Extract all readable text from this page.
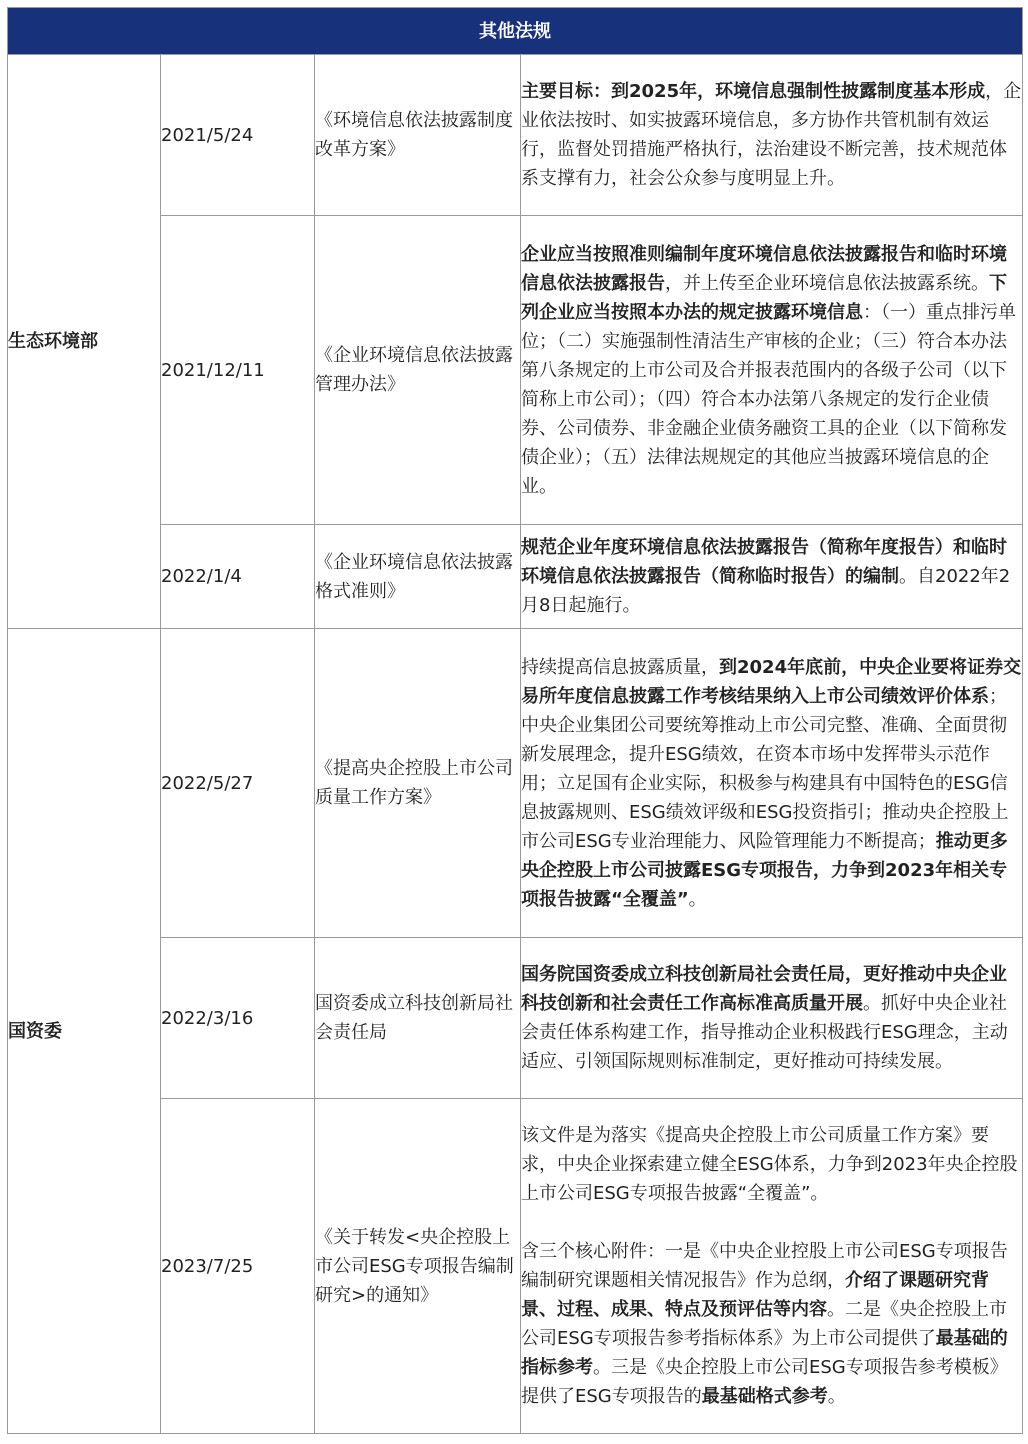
其他法规			
生态环境部	2021/5/24	《环境信息依法披露制度改革方案》	主要目标：到2025年，环境信息强制性披露制度基本形成，企业依法按时、如实披露环境信息，多方协作共管机制有效运行，监督处罚措施严格执行，法治建设不断完善，技术规范体系支撑有力，社会公众参与度明显上升。
	2021/12/11	《企业环境信息依法披露管理办法》	企业应当按照准则编制年度环境信息依法披露报告和临时环境信息依法披露报告，并上传至企业环境信息依法披露系统。下列企业应当按照本办法的规定披露环境信息：（一）重点排污单位；（二）实施强制性清洁生产审核的企业；（三）符合本办法第八条规定的上市公司及合并报表范围内的各级子公司（以下简称上市公司）；（四）符合本办法第八条规定的发行企业债券、公司债券、非金融企业债务融资工具的企业（以下简称发债企业）；（五）法律法规规定的其他应当披露环境信息的企业。
	2022/1/4	《企业环境信息依法披露格式准则》	规范企业年度环境信息依法披露报告（简称年度报告）和临时环境信息依法披露报告（简称临时报告）的编制。自2022年2月8日起施行。
国资委	2022/5/27	《提高央企控股上市公司质量工作方案》	持续提高信息披露质量，到2024年底前，中央企业要将证券交易所年度信息披露工作考核结果纳入上市公司绩效评价体系；中央企业集团公司要统筹推动上市公司完整、准确、全面贯彻新发展理念，提升ESG绩效，在资本市场中发挥带头示范作用；立足国有企业实际，积极参与构建具有中国特色的ESG信息披露规则、ESG绩效评级和ESG投资指引；推动央企控股上市公司ESG专业治理能力、风险管理能力不断提高；推动更多央企控股上市公司披露ESG专项报告，力争到2023年相关专项报告披露“全覆盖”。
	2022/3/16	国资委成立科技创新局社会责任局	国务院国资委成立科技创新局社会责任局，更好推动中央企业科技创新和社会责任工作高标准高质量开展。抓好中央企业社会责任体系构建工作，指导推动企业积极践行ESG理念，主动适应、引领国际规则标准制定，更好推动可持续发展。
	2023/7/25	《关于转发<央企控股上市公司ESG专项报告编制研究>的通知》	该文件是为落实《提高央企控股上市公司质量工作方案》要求，中央企业探索建立健全ESG体系，力争到2023年央企控股上市公司ESG专项报告披露“全覆盖”。
含三个核心附件：一是《中央企业控股上市公司ESG专项报告编制研究课题相关情况报告》作为总纲，介绍了课题研究背景、过程、成果、特点及预评估等内容。二是《央企控股上市公司ESG专项报告参考指标体系》为上市公司提供了最基础的指标参考。三是《央企控股上市公司ESG专项报告参考模板》提供了ESG专项报告的最基础格式参考。
